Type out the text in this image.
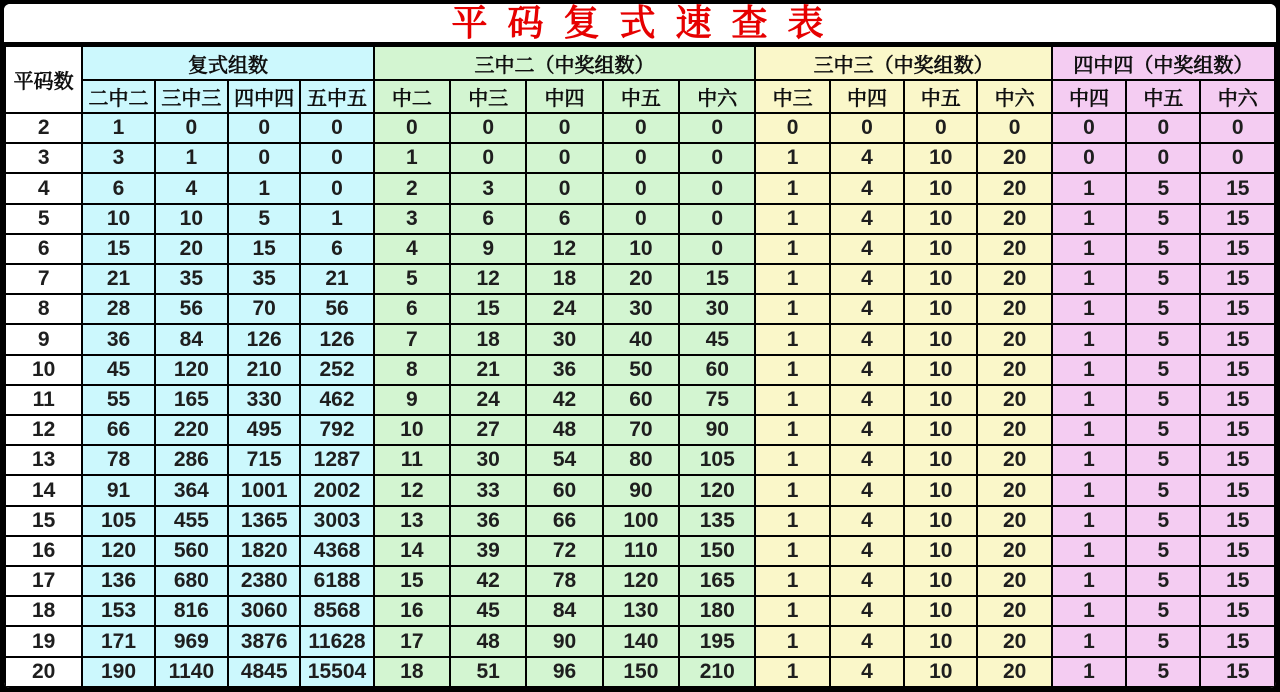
平 码 复 式 速 查 表
平码数	复式组数				三中二（中奖组数）					三中三（中奖组数）				四中四（中奖组数）		
	二中二	三中三	四中四	五中五	中二	中三	中四	中五	中六	中三	中四	中五	中六	中四	中五	中六
2	1	0	0	0	0	0	0	0	0	0	0	0	0	0	0	0
3	3	1	0	0	1	0	0	0	0	1	4	10	20	0	0	0
4	6	4	1	0	2	3	0	0	0	1	4	10	20	1	5	15
5	10	10	5	1	3	6	6	0	0	1	4	10	20	1	5	15
6	15	20	15	6	4	9	12	10	0	1	4	10	20	1	5	15
7	21	35	35	21	5	12	18	20	15	1	4	10	20	1	5	15
8	28	56	70	56	6	15	24	30	30	1	4	10	20	1	5	15
9	36	84	126	126	7	18	30	40	45	1	4	10	20	1	5	15
10	45	120	210	252	8	21	36	50	60	1	4	10	20	1	5	15
11	55	165	330	462	9	24	42	60	75	1	4	10	20	1	5	15
12	66	220	495	792	10	27	48	70	90	1	4	10	20	1	5	15
13	78	286	715	1287	11	30	54	80	105	1	4	10	20	1	5	15
14	91	364	1001	2002	12	33	60	90	120	1	4	10	20	1	5	15
15	105	455	1365	3003	13	36	66	100	135	1	4	10	20	1	5	15
16	120	560	1820	4368	14	39	72	110	150	1	4	10	20	1	5	15
17	136	680	2380	6188	15	42	78	120	165	1	4	10	20	1	5	15
18	153	816	3060	8568	16	45	84	130	180	1	4	10	20	1	5	15
19	171	969	3876	11628	17	48	90	140	195	1	4	10	20	1	5	15
20	190	1140	4845	15504	18	51	96	150	210	1	4	10	20	1	5	15
